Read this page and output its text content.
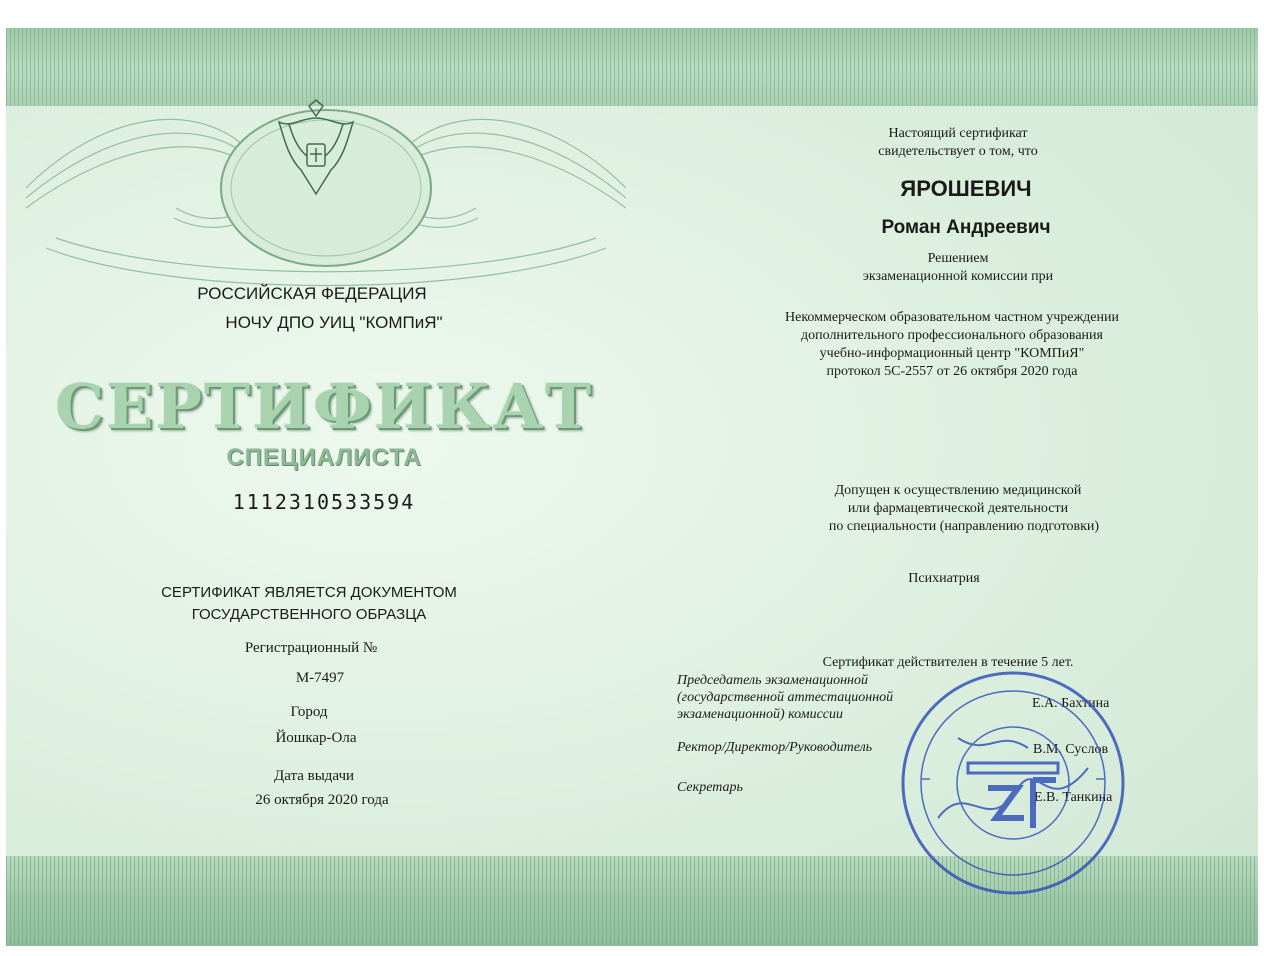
РОССИЙСКАЯ ФЕДЕРАЦИЯ
НОЧУ ДПО УИЦ "КОМПиЯ"
СЕРТИФИКАТ
СПЕЦИАЛИСТА
1112310533594
СЕРТИФИКАТ ЯВЛЯЕТСЯ ДОКУМЕНТОМ
ГОСУДАРСТВЕННОГО ОБРАЗЦА
Регистрационный №
М-7497
Город
Йошкар-Ола
Дата выдачи
26 октября 2020 года
Настоящий сертификат
свидетельствует о том, что
ЯРОШЕВИЧ
Роман Андреевич
Решением
экзаменационной комиссии при
Некоммерческом образовательном частном учреждении
дополнительного профессионального образования
учебно-информационный центр "КОМПиЯ"
протокол 5С-2557 от 26 октября 2020 года
Допущен к осуществлению медицинской
или фармацевтической деятельности
по специальности (направлению подготовки)
Психиатрия
Сертификат действителен в течение 5 лет.
Председатель экзаменационной
(государственной аттестационной
экзаменационной) комиссии
Ректор/Директор/Руководитель
Секретарь
Е.А. Бахтина
В.М. Суслов
Е.В. Танкина
